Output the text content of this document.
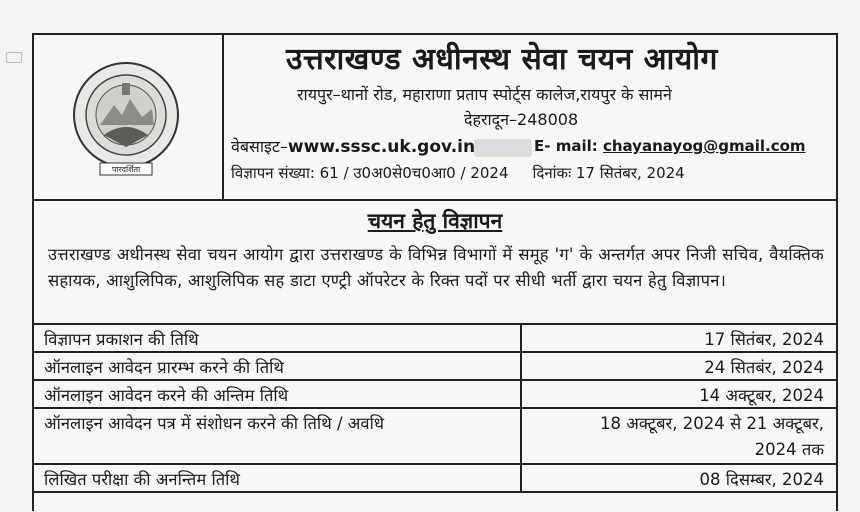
पारदर्शिता
उत्तराखण्ड अधीनस्थ सेवा चयन आयोग
रायपुर–थानों रोड, महाराणा प्रताप स्पोर्ट्स कालेज,रायपुर के सामने
देहरादून–248008
वेबसाइट–www.sssc.uk.gov.in	E- mail: chayanayog@gmail.com
विज्ञापन संख्या: 61 / उ0अ0से0च0आ0 / 2024 दिनांकः 17 सितंबर, 2024
चयन हेतु विज्ञापन
उत्तराखण्ड अधीनस्थ सेवा चयन आयोग द्वारा उत्तराखण्ड के विभिन्न विभागों में समूह 'ग' के अन्तर्गत अपर निजी सचिव, वैयक्तिक सहायक, आशुलिपिक, आशुलिपिक सह डाटा एण्ट्री ऑपरेटर के रिक्त पदों पर सीधी भर्ती द्वारा चयन हेतु विज्ञापन।
विज्ञापन प्रकाशन की तिथि	17 सितंबर, 2024
ऑनलाइन आवेदन प्रारम्भ करने की तिथि	24 सितबंर, 2024
ऑनलाइन आवेदन करने की अन्तिम तिथि	14 अक्टूबर, 2024
ऑनलाइन आवेदन पत्र में संशोधन करने की तिथि / अवधि	18 अक्टूबर, 2024 से 21 अक्टूबर,
2024 तक

लिखित परीक्षा की अनन्तिम तिथि	08 दिसम्बर, 2024
